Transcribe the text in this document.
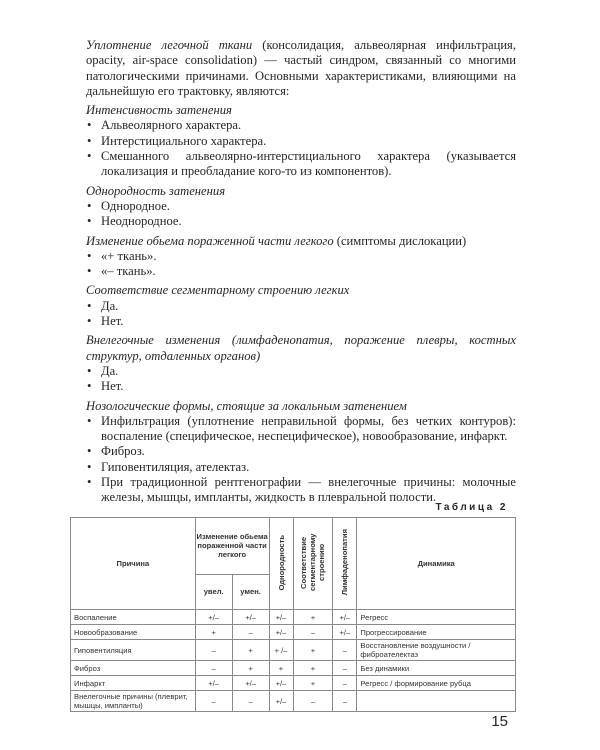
Уплотнение легочной ткани (консолидация, альвеолярная инфильтрация, opacity, air-space consolidation) — частый синдром, связанный со многими патологическими причинами. Основными характеристиками, влияющими на дальнейшую его трактовку, являются:

Интенсивность затенения

• Альвеолярного характера.
• Интерстициального характера.
• Смешанного альвеолярно-интерстициального характера (указывается локализация и преобладание кого-то из компонентов).

Однородность затенения

• Однородное.
• Неоднородное.

Изменение обьема пораженной части легкого (симптомы дислокации)

• «+ ткань».
• «– ткань».

Соответствие сегментарному строению легких

• Да.
• Нет.

Внелегочные изменения (лимфаденопатия, поражение плевры, костных структур, отдаленных органов)

• Да.
• Нет.

Нозологические формы, стоящие за локальным затенением

• Инфильтрация (уплотнение неправильной формы, без четких контуров): воспаление (специфическое, неспецифическое), новообразование, инфаркт.
• Фиброз.
• Гиповентиляция, ателектаз.
• При традиционной рентгенографии — внелегочные причины: молочные железы, мышцы, импланты, жидкость в плевральной полости.
Таблица 2
Причина	Изменение обьема пораженной части легкого		Однородность	Соответствие сегментарному строению	Лимфаденопатия	Динамика
	увел.	умен.				
Воспаление	+/–	+/–	+/–	+	+/–	Регресс
Новообразование	+	–	+/–	–	+/–	Прогрессирование
Гиповентиляция	–	+	+ /–	+	–	Восстановление воздушности / фиброателектаз
Фиброз	–	+	+	+	–	Без динамики
Инфаркт	+/–	+/–	+/–	+	–	Регресс / формирование рубца
Внелегочные причины (плеврит, мышцы, импланты)	–	–	+/–	–	–	
15
